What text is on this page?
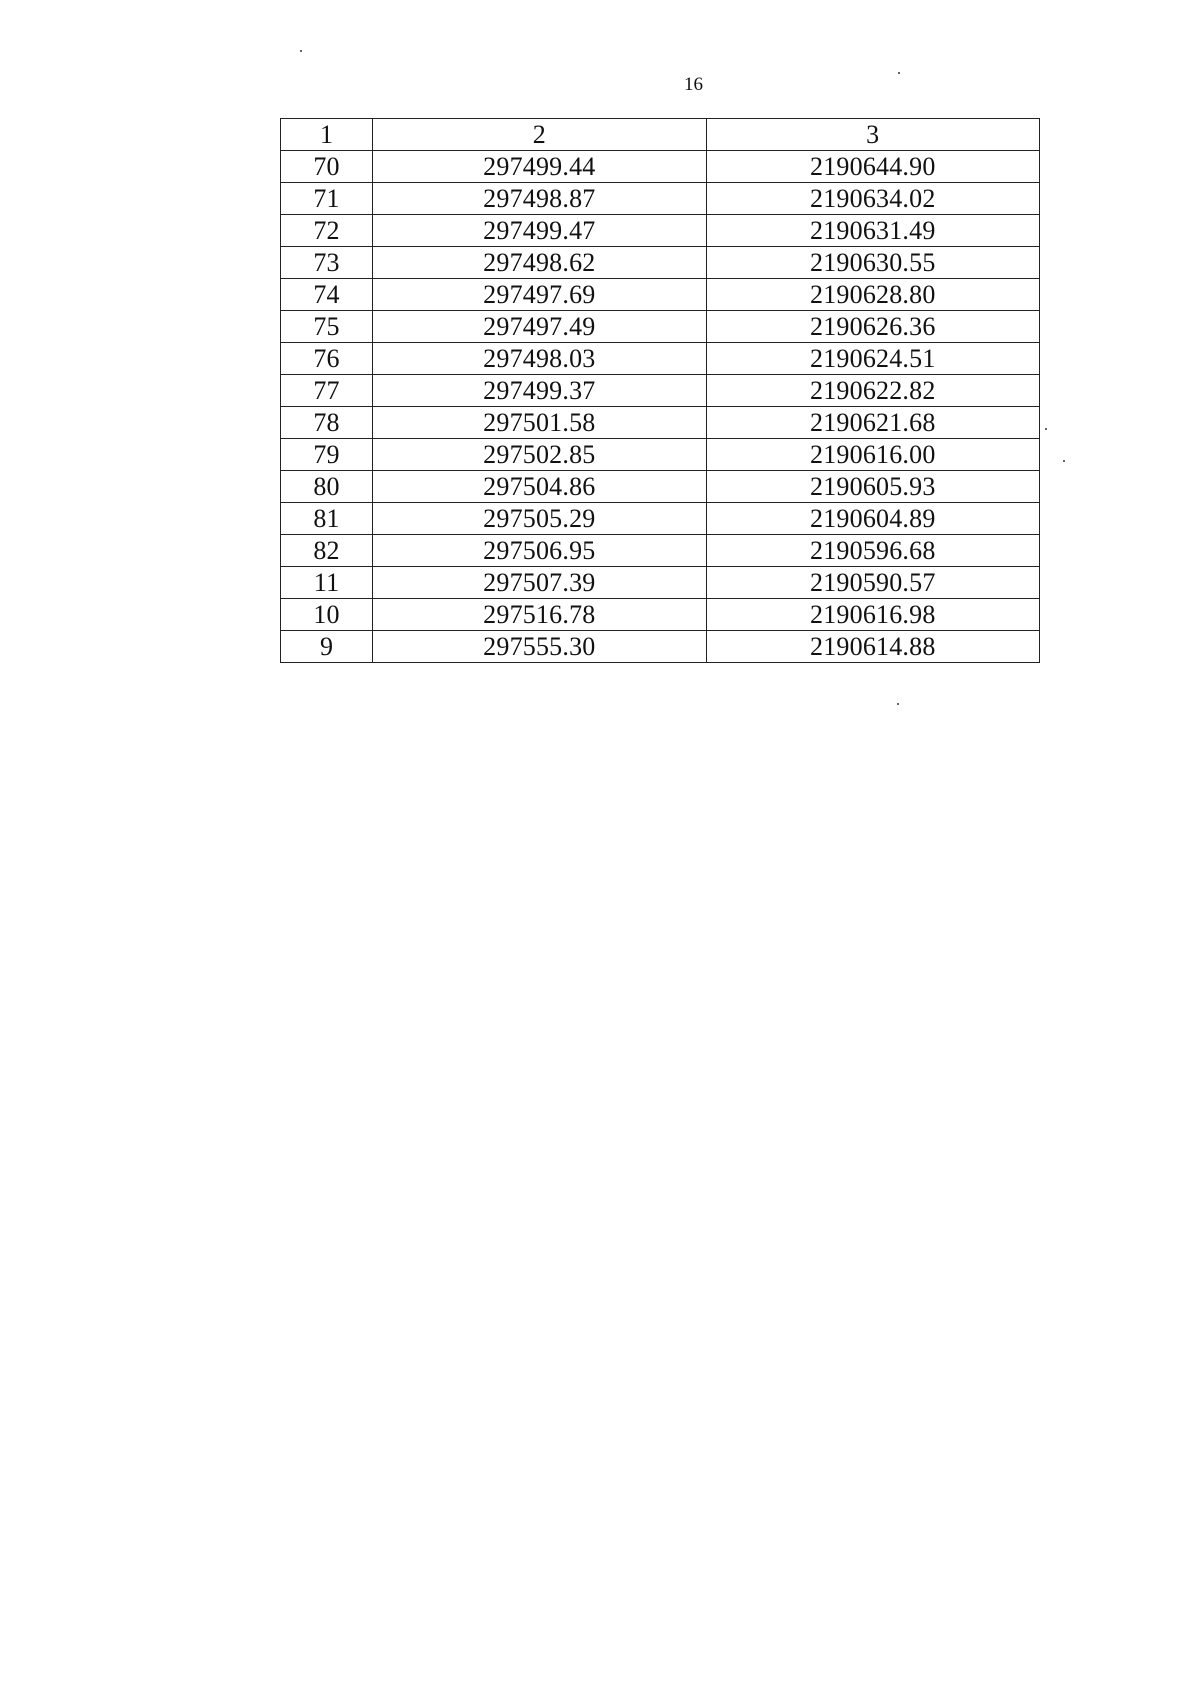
16
1	2	3
70	297499.44	2190644.90
71	297498.87	2190634.02
72	297499.47	2190631.49
73	297498.62	2190630.55
74	297497.69	2190628.80
75	297497.49	2190626.36
76	297498.03	2190624.51
77	297499.37	2190622.82
78	297501.58	2190621.68
79	297502.85	2190616.00
80	297504.86	2190605.93
81	297505.29	2190604.89
82	297506.95	2190596.68
11	297507.39	2190590.57
10	297516.78	2190616.98
9	297555.30	2190614.88
